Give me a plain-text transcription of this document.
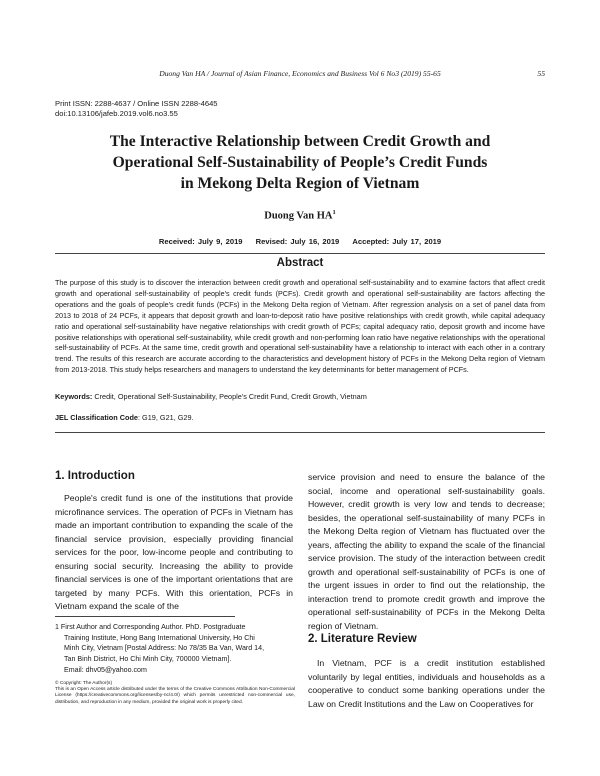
Duong Van HA / Journal of Asian Finance, Economics and Business Vol 6 No3 (2019) 55-65	55
Print ISSN: 2288-4637 / Online ISSN 2288-4645
doi:10.13106/jafeb.2019.vol6.no3.55
The Interactive Relationship between Credit Growth and
Operational Self-Sustainability of People’s Credit Funds
in Mekong Delta Region of Vietnam
Duong Van $HA^1$
Received: July 9, 2019 Revised: July 16, 2019 Accepted: July 17, 2019
Abstract
The purpose of this study is to discover the interaction between credit growth and operational self-sustainability and to examine factors that affect credit growth and operational self-sustainability of people's credit funds (PCFs). Credit growth and operational self-sustainability are factors affecting the operations and the goals of people's credit funds (PCFs) in the Mekong Delta region of Vietnam. After regression analysis on a set of panel data from 2013 to 2018 of 24 PCFs, it appears that deposit growth and loan-to-deposit ratio have positive relationships with credit growth, while capital adequacy ratio and operational self-sustainability have negative relationships with credit growth of PCFs; capital adequacy ratio, deposit growth and income have positive relationships with operational self-sustainability, while credit growth and non-performing loan ratio have negative relationships with the operational self-sustainability of PCFs. At the same time, credit growth and operational self-sustainability have a relationship to interact with each other in a contrary trend. The results of this research are accurate according to the characteristics and development history of PCFs in the Mekong Delta region of Vietnam from 2013-2018. This study helps researchers and managers to understand the key determinants for better management of PCFs.
Keywords: Credit, Operational Self-Sustainability, People's Credit Fund, Credit Growth, Vietnam
JEL Classification Code: G19, G21, G29.
1. Introduction

People's credit fund is one of the institutions that provide microfinance services. The operation of PCFs in Vietnam has made an important contribution to expanding the scale of the financial service provision, especially providing financial services for the poor, low-income people and contributing to ensuring social security. Increasing the ability to provide financial services is one of the important orientations that are targeted by many PCFs. With this orientation, PCFs in Vietnam expand the scale of the

service provision and need to ensure the balance of the social, income and operational self-sustainability goals. However, credit growth is very low and tends to decrease; besides, the operational self-sustainability of many PCFs in the Mekong Delta region of Vietnam has fluctuated over the years, affecting the ability to expand the scale of the financial service provision. The study of the interaction between credit growth and operational self-sustainability of PCFs is one of the urgent issues in order to find out the relationship, the interaction trend to promote credit growth and improve the operational self-sustainability of PCFs in the Mekong Delta region of Vietnam.

1 First Author and Corresponding Author. PhD. Postgraduate
Training Institute, Hong Bang International University, Ho Chi
Minh City, Vietnam [Postal Address: No 78/35 Ba Van, Ward 14,
Tan Binh District, Ho Chi Minh City, 700000 Vietnam].
Email: dhv05@yahoo.com
© Copyright: The Author(s)
This is an Open Access article distributed under the terms of the Creative Commons Attribution Non-Commercial License (https://creativecommons.org/licenses/by-nc/4.0/) which permits unrestricted non-commercial use, distribution, and reproduction in any medium, provided the original work is properly cited.
2. Literature Review

In Vietnam, PCF is a credit institution established voluntarily by legal entities, individuals and households as a cooperative to conduct some banking operations under the Law on Credit Institutions and the Law on Cooperatives for
